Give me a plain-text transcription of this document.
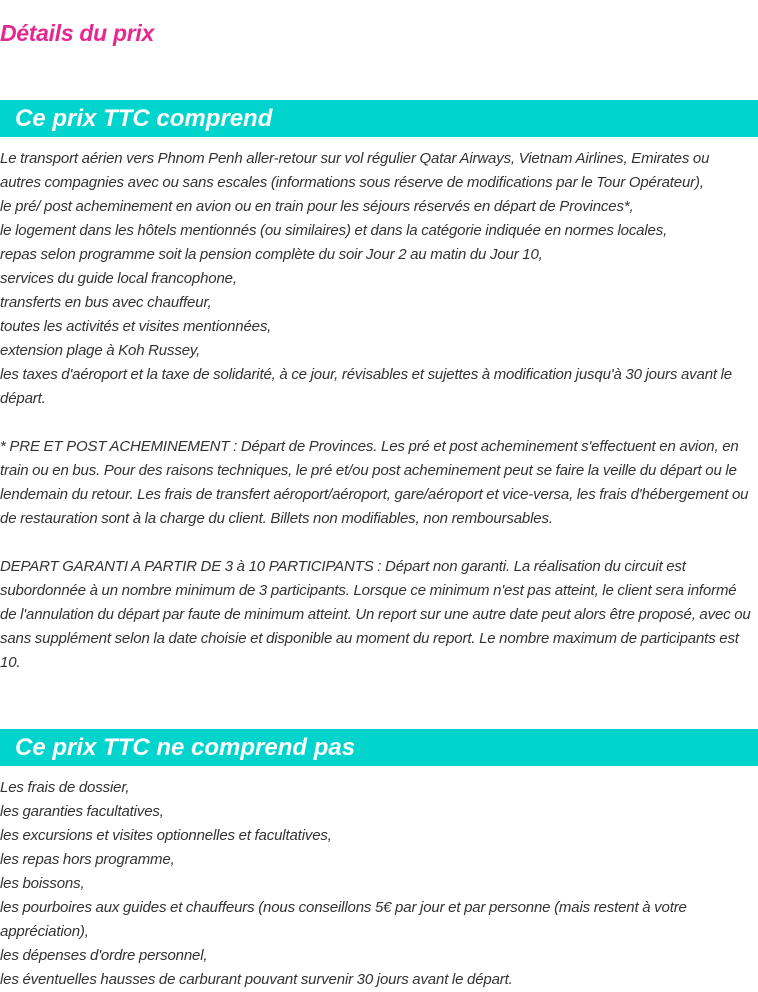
Détails du prix
Ce prix TTC comprend
Le transport aérien vers Phnom Penh aller-retour sur vol régulier Qatar Airways, Vietnam Airlines, Emirates ou autres compagnies avec ou sans escales (informations sous réserve de modifications par le Tour Opérateur),
le pré/ post acheminement en avion ou en train pour les séjours réservés en départ de Provinces*,
le logement dans les hôtels mentionnés (ou similaires) et dans la catégorie indiquée en normes locales,
repas selon programme soit la pension complète du soir Jour 2 au matin du Jour 10,
services du guide local francophone,
transferts en bus avec chauffeur,
toutes les activités et visites mentionnées,
extension plage à Koh Russey,
les taxes d'aéroport et la taxe de solidarité, à ce jour, révisables et sujettes à modification jusqu'à 30 jours avant le départ.

* PRE ET POST ACHEMINEMENT : Départ de Provinces. Les pré et post acheminement s'effectuent en avion, en train ou en bus. Pour des raisons techniques, le pré et/ou post acheminement peut se faire la veille du départ ou le lendemain du retour. Les frais de transfert aéroport/aéroport, gare/aéroport et vice-versa, les frais d'hébergement ou de restauration sont à la charge du client. Billets non modifiables, non remboursables.

DEPART GARANTI A PARTIR DE 3 à 10 PARTICIPANTS : Départ non garanti. La réalisation du circuit est subordonnée à un nombre minimum de 3 participants. Lorsque ce minimum n'est pas atteint, le client sera informé de l'annulation du départ par faute de minimum atteint. Un report sur une autre date peut alors être proposé, avec ou sans supplément selon la date choisie et disponible au moment du report. Le nombre maximum de participants est 10.

Ce prix TTC ne comprend pas
Les frais de dossier,
les garanties facultatives,
les excursions et visites optionnelles et facultatives,
les repas hors programme,
les boissons,
les pourboires aux guides et chauffeurs (nous conseillons 5€ par jour et par personne (mais restent à votre appréciation),
les dépenses d'ordre personnel,
les éventuelles hausses de carburant pouvant survenir 30 jours avant le départ.
